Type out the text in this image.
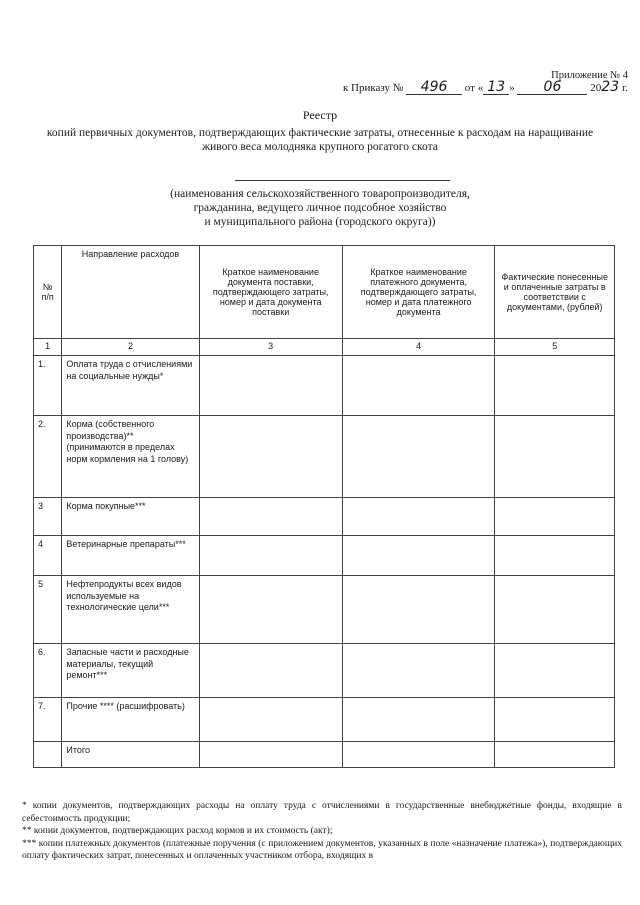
Приложение № 4
к Приказу № 496 от « 13 » 06	2023 г.
Реестр
копий первичных документов, подтверждающих фактические затраты, отнесенные к расходам на наращивание живого веса молодняка крупного рогатого скота
(наименования сельскохозяйственного товаропроизводителя,
гражданина, ведущего личное подсобное хозяйство
и муниципального района (городского округа))
№ п/п	Направление расходов	Краткое наименование документа поставки, подтверждающего затраты, номер и дата документа поставки	Краткое наименование платежного документа, подтверждающего затраты, номер и дата платежного документа	Фактические понесенные и оплаченные затраты в соответствии с документами, (рублей)
1	2	3	4	5
1.	Оплата труда с отчислениями на социальные нужды*			
2.	Корма (собственного производства)** (принимаются в пределах норм кормления на 1 голову)			
3	Корма покупные***			
4	Ветеринарные препараты***			
5	Нефтепродукты всех видов используемые на технологические цели***			
6.	Запасные части и расходные материалы, текущий ремонт***			
7.	Прочие **** (расшифровать)			
	Итого			

* копии документов, подтверждающих расходы на оплату труда с отчислениями в государственные внебюджетные фонды, входящие в себестоимость продукции;

** копии документов, подтверждающих расход кормов и их стоимость (акт);

*** копии платежных документов (платежные поручения (с приложением документов, указанных в поле «назначение платежа»), подтверждающих оплату фактических затрат, понесенных и оплаченных участником отбора, входящих в
